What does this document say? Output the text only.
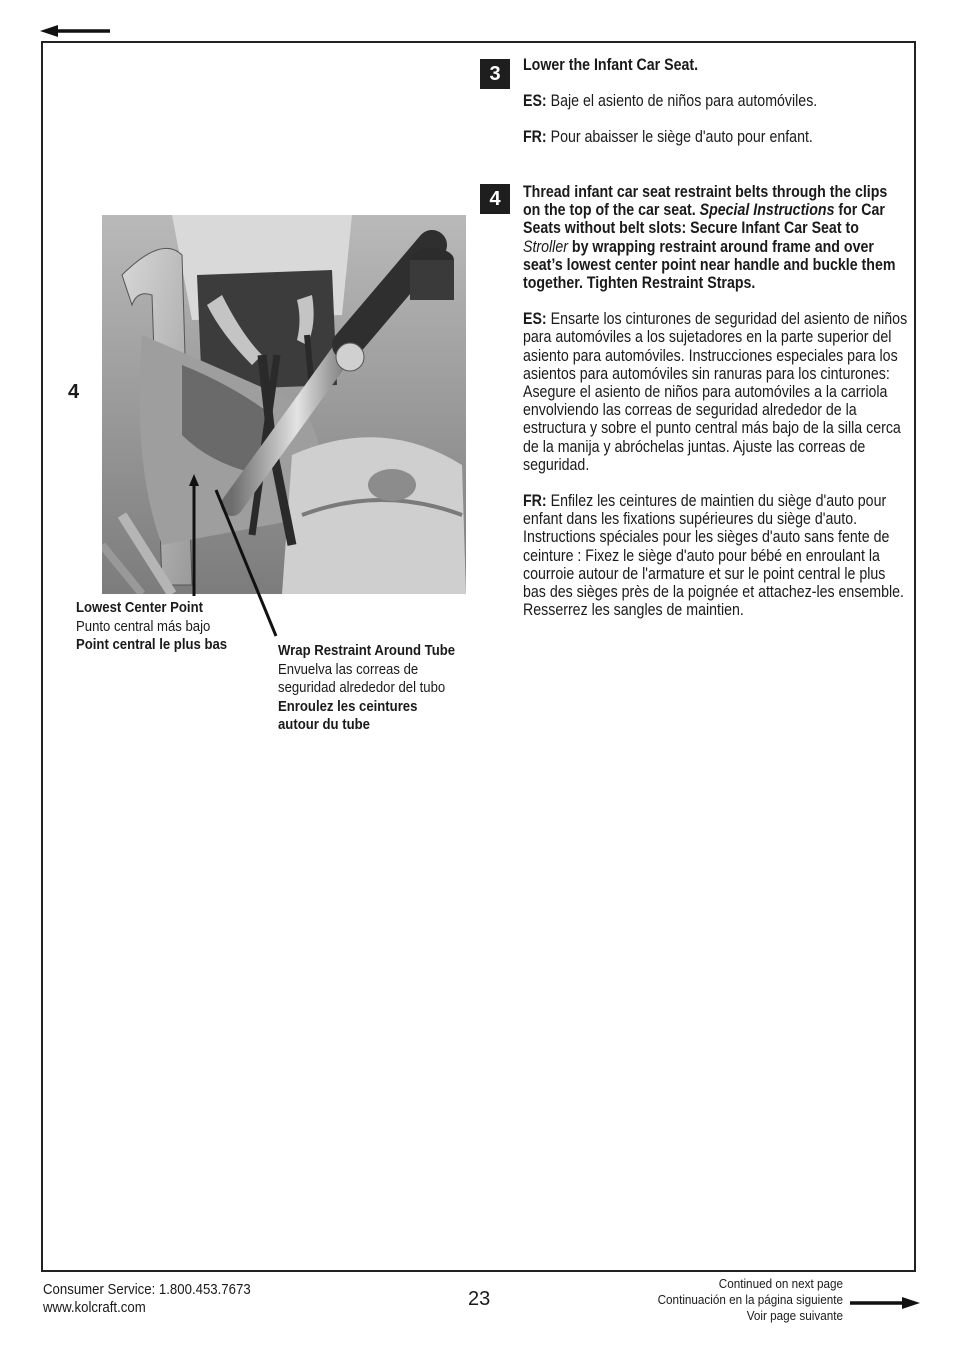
3	Lower the Infant Car Seat.

ES: Baje el asiento de niños para automóviles.

FR: Pour abaisser le siège d'auto pour enfant.

4	Thread infant car seat restraint belts through the clips on the top of the car seat. Special Instructions for Car Seats without belt slots: Secure Infant Car Seat to Stroller by wrapping restraint around frame and over seat’s lowest center point near handle and buckle them together. Tighten Restraint Straps.

ES: Ensarte los cinturones de seguridad del asiento de niños para automóviles a los sujetadores en la parte superior del asiento para automóviles. Instrucciones especiales para los asientos para automóviles sin ranuras para los cinturones: Asegure el asiento de niños para automóviles a la carriola envolviendo las correas de seguridad alrededor de la estructura y sobre el punto central más bajo de la silla cerca de la manija y abróchelas juntas. Ajuste las correas de seguridad.

FR: Enfilez les ceintures de maintien du siège d'auto pour enfant dans les fixations supérieures du siège d'auto. Instructions spéciales pour les sièges d'auto sans fente de ceinture : Fixez le siège d'auto pour bébé en enroulant la courroie autour de l'armature et sur le point central le plus bas des sièges près de la poignée et attachez-les ensemble. Resserrez les sangles de maintien.

4
Lowest Center Point
Punto central más bajo
Point central le plus bas	Wrap Restraint Around Tube
Envuelva las correas de
seguridad alrededor del tubo
Enroulez les ceintures
autour du tube
Consumer Service: 1.800.453.7673
www.kolcraft.com	23
Continued on next page
Continuación en la página siguiente
Voir page suivante
